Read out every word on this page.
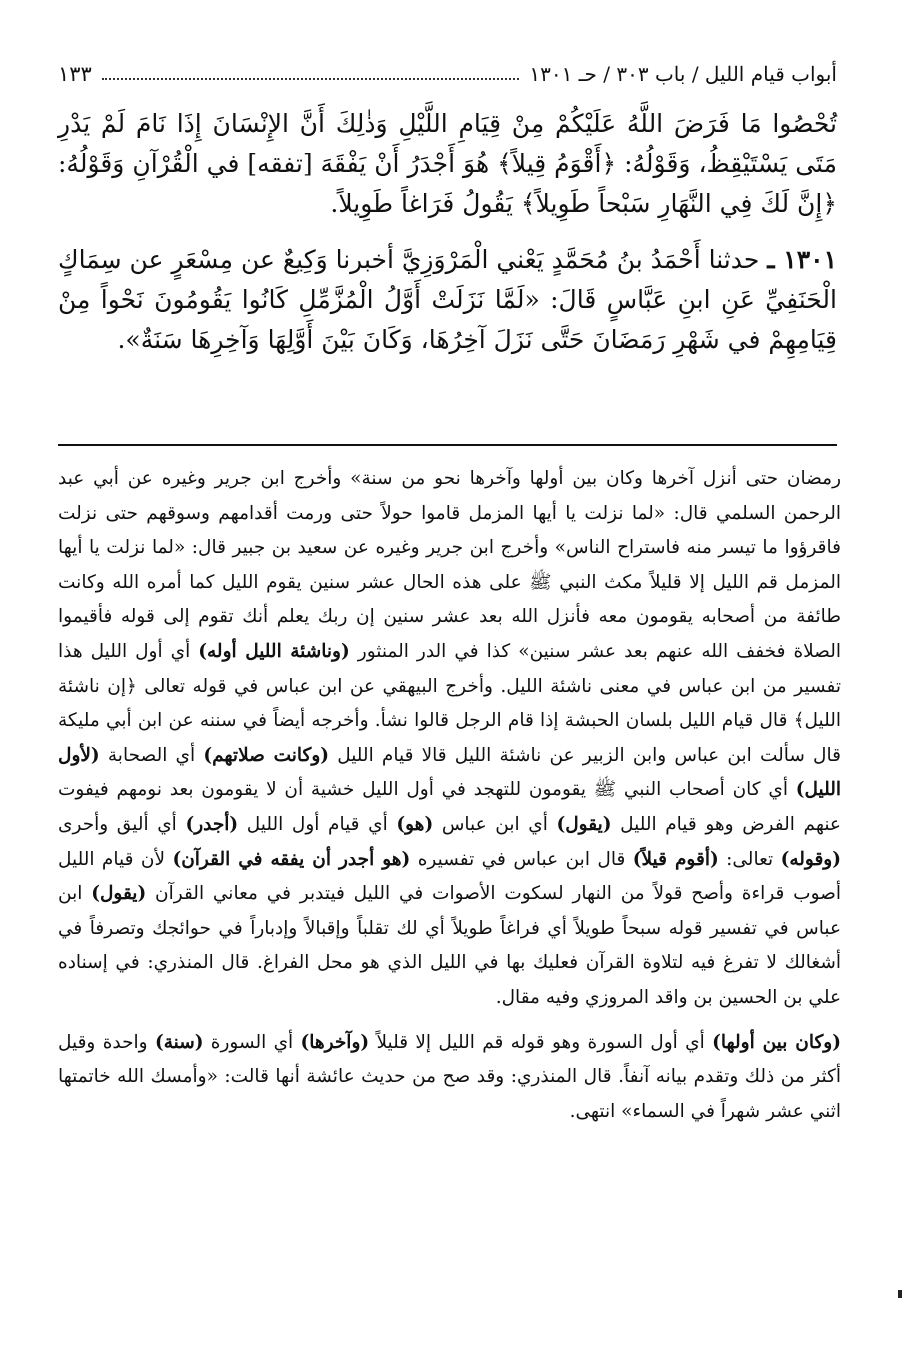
أبواب قيام الليل / باب ٣٠٣ / حـ ١٣٠١
١٣٣

تُحْصُوا مَا فَرَضَ اللَّهُ عَلَيْكُمْ مِنْ قِيَامِ اللَّيْلِ وَذٰلِكَ أَنَّ الإِنْسَانَ إِذَا نَامَ لَمْ يَدْرِ مَتَى يَسْتَيْقِظُ، وَقَوْلُهُ: ﴿أَقْوَمُ قِيلاً﴾ هُوَ أَجْدَرُ أَنْ يَفْقَهَ [تفقه] في الْقُرْآنِ وَقَوْلُهُ: ﴿إِنَّ لَكَ فِي النَّهَارِ سَبْحاً طَوِيلاً﴾ يَقُولُ فَرَاغاً طَوِيلاً.

١٣٠١ ـ حدثنا أَحْمَدُ بنُ مُحَمَّدٍ يَعْني الْمَرْوَزِيَّ أخبرنا وَكِيعٌ عن مِسْعَرٍ عن سِمَاكٍ الْحَنَفِيِّ عَنِ ابنِ عَبَّاسٍ قَالَ: «لَمَّا نَزَلَتْ أَوَّلُ الْمُزَّمِّلِ كَانُوا يَقُومُونَ نَحْواً مِنْ قِيَامِهِمْ في شَهْرِ رَمَضَانَ حَتَّى نَزَلَ آخِرُهَا، وَكَانَ بَيْنَ أَوَّلِهَا وَآخِرِهَا سَنَةٌ».

رمضان حتى أنزل آخرها وكان بين أولها وآخرها نحو من سنة» وأخرج ابن جرير وغيره عن أبي عبد الرحمن السلمي قال: «لما نزلت يا أيها المزمل قاموا حولاً حتى ورمت أقدامهم وسوقهم حتى نزلت فاقرؤوا ما تيسر منه فاستراح الناس» وأخرج ابن جرير وغيره عن سعيد بن جبير قال: «لما نزلت يا أيها المزمل قم الليل إلا قليلاً مكث النبي ﷺ على هذه الحال عشر سنين يقوم الليل كما أمره الله وكانت طائفة من أصحابه يقومون معه فأنزل الله بعد عشر سنين إن ربك يعلم أنك تقوم إلى قوله فأقيموا الصلاة فخفف الله عنهم بعد عشر سنين» كذا في الدر المنثور (وناشئة الليل أوله) أي أول الليل هذا تفسير من ابن عباس في معنى ناشئة الليل. وأخرج البيهقي عن ابن عباس في قوله تعالى ﴿إن ناشئة الليل﴾ قال قيام الليل بلسان الحبشة إذا قام الرجل قالوا نشأ. وأخرجه أيضاً في سننه عن ابن أبي مليكة قال سألت ابن عباس وابن الزبير عن ناشئة الليل قالا قيام الليل (وكانت صلاتهم) أي الصحابة (لأول الليل) أي كان أصحاب النبي ﷺ يقومون للتهجد في أول الليل خشية أن لا يقومون بعد نومهم فيفوت عنهم الفرض وهو قيام الليل (يقول) أي ابن عباس (هو) أي قيام أول الليل (أجدر) أي أليق وأحرى (وقوله) تعالى: (أقوم قيلاً) قال ابن عباس في تفسيره (هو أجدر أن يفقه في القرآن) لأن قيام الليل أصوب قراءة وأصح قولاً من النهار لسكوت الأصوات في الليل فيتدبر في معاني القرآن (يقول) ابن عباس في تفسير قوله سبحاً طويلاً أي فراغاً طويلاً أي لك تقلباً وإقبالاً وإدباراً في حوائجك وتصرفاً في أشغالك لا تفرغ فيه لتلاوة القرآن فعليك بها في الليل الذي هو محل الفراغ. قال المنذري: في إسناده علي بن الحسين بن واقد المروزي وفيه مقال.

(وكان بين أولها) أي أول السورة وهو قوله قم الليل إلا قليلاً (وآخرها) أي السورة (سنة) واحدة وقيل أكثر من ذلك وتقدم بيانه آنفاً. قال المنذري: وقد صح من حديث عائشة أنها قالت: «وأمسك الله خاتمتها اثني عشر شهراً في السماء» انتهى.
